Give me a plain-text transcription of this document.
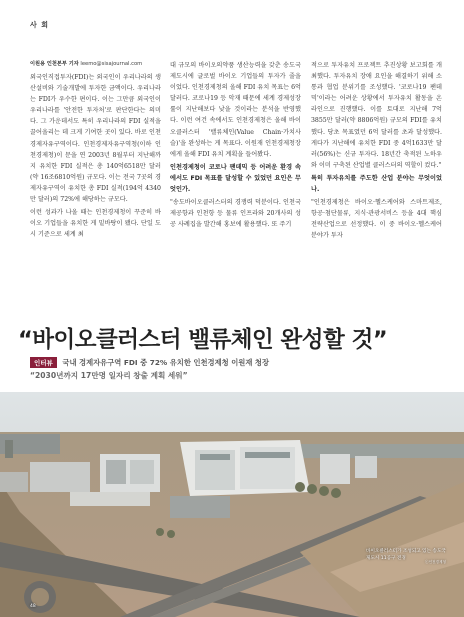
사 회
이원용 인천본부 기자 leemo@sisajournal.com

외국인직접투자(FDI)는 외국인이 우리나라의 생산설비와 기술개발에 투자한 금액이다. 우리나라는 FDI가 우수한 편이다. 이는 그만큼 외국인이 우리나라를 '안전한 투자처'로 판단한다는 의미다. 그 가운데서도 특히 우리나라의 FDI 실적을 끌어올리는 데 크게 기여한 곳이 있다. 바로 인천경제자유구역이다. 인천경제자유구역청(이하 인천경제청)이 문을 연 2003년 8월부터 지난해까지 유치한 FDI 실적은 총 140억6518만 달러(약 16조6810억원) 규모다. 이는 전국 7곳의 경제자유구역이 유치한 총 FDI 실적(194억 4340만 달러)의 72%에 해당하는 규모다.

이런 성과가 나올 때는 인천경제청이 꾸준히 바이오 기업들을 유치한 게 밑바탕이 됐다. 단일 도시 기준으로 세계 최

대 규모의 바이오의약품 생산능력을 갖춘 송도국제도시에 글로벌 바이오 기업들의 투자가 줄을 이었다. 인천경제청의 올해 FDI 유치 목표는 6억 달러다. 코로나19 등 악재 때문에 세계 경제성장률이 지난해보다 낮을 것이라는 분석을 반영했다. 이런 여건 속에서도 인천경제청은 올해 바이오클러스터 '밸류체인(Value Chain·가치사슬)'을 완성하는 게 목표다. 이원재 인천경제청장에게 올해 FDI 유치 계획을 들어봤다.

인천경제청이 코로나 팬데믹 등 어려운 환경 속에서도 FDI 목표를 달성할 수 있었던 요인은 무엇인가.

"송도바이오클러스터의 경쟁력 덕분이다. 인천국제공항과 인천항 등 물류 인프라와 20개사의 성공 사례집을 발간해 홍보에 활용했다. 또 주기

적으로 투자유치 프로젝트 추진상황 보고회를 개최했다. 투자유치 장애 요인을 해결하기 위해 소통과 협업 분위기를 조성했다. '코로나19 팬데믹'이라는 어려운 상황에서 투자유치 활동을 온라인으로 진행했다. 이를 토대로 지난해 7억3855만 달러(약 8806억원) 규모의 FDI를 유치했다. 당초 목표였던 6억 달러를 초과 달성했다. 게다가 지난해에 유치한 FDI 중 4억1633만 달러(56%)는 신규 투자다. 18년간 축적된 노하우와 이미 구축된 산업별 클러스터의 역할이 컸다."

특히 투자유치를 주도한 산업 분야는 무엇이었나.

"인천경제청은 바이오·헬스케어와 스마트제조, 항공·첨단물류, 지식·관광서비스 등을 4대 핵심전략산업으로 선정했다. 이 중 바이오·헬스케어 분야가 투자

“바이오클러스터 밸류체인 완성할 것”
인터뷰 국내 경제자유구역 FDI 중 72% 유치한 인천경제청 이원재 청장
“2030년까지 17만명 일자리 창출 계획 세워”
바이오클러스터가 조성되고 있는 송도국제도시 11공구 전경
ⓒ인천경제청
48
